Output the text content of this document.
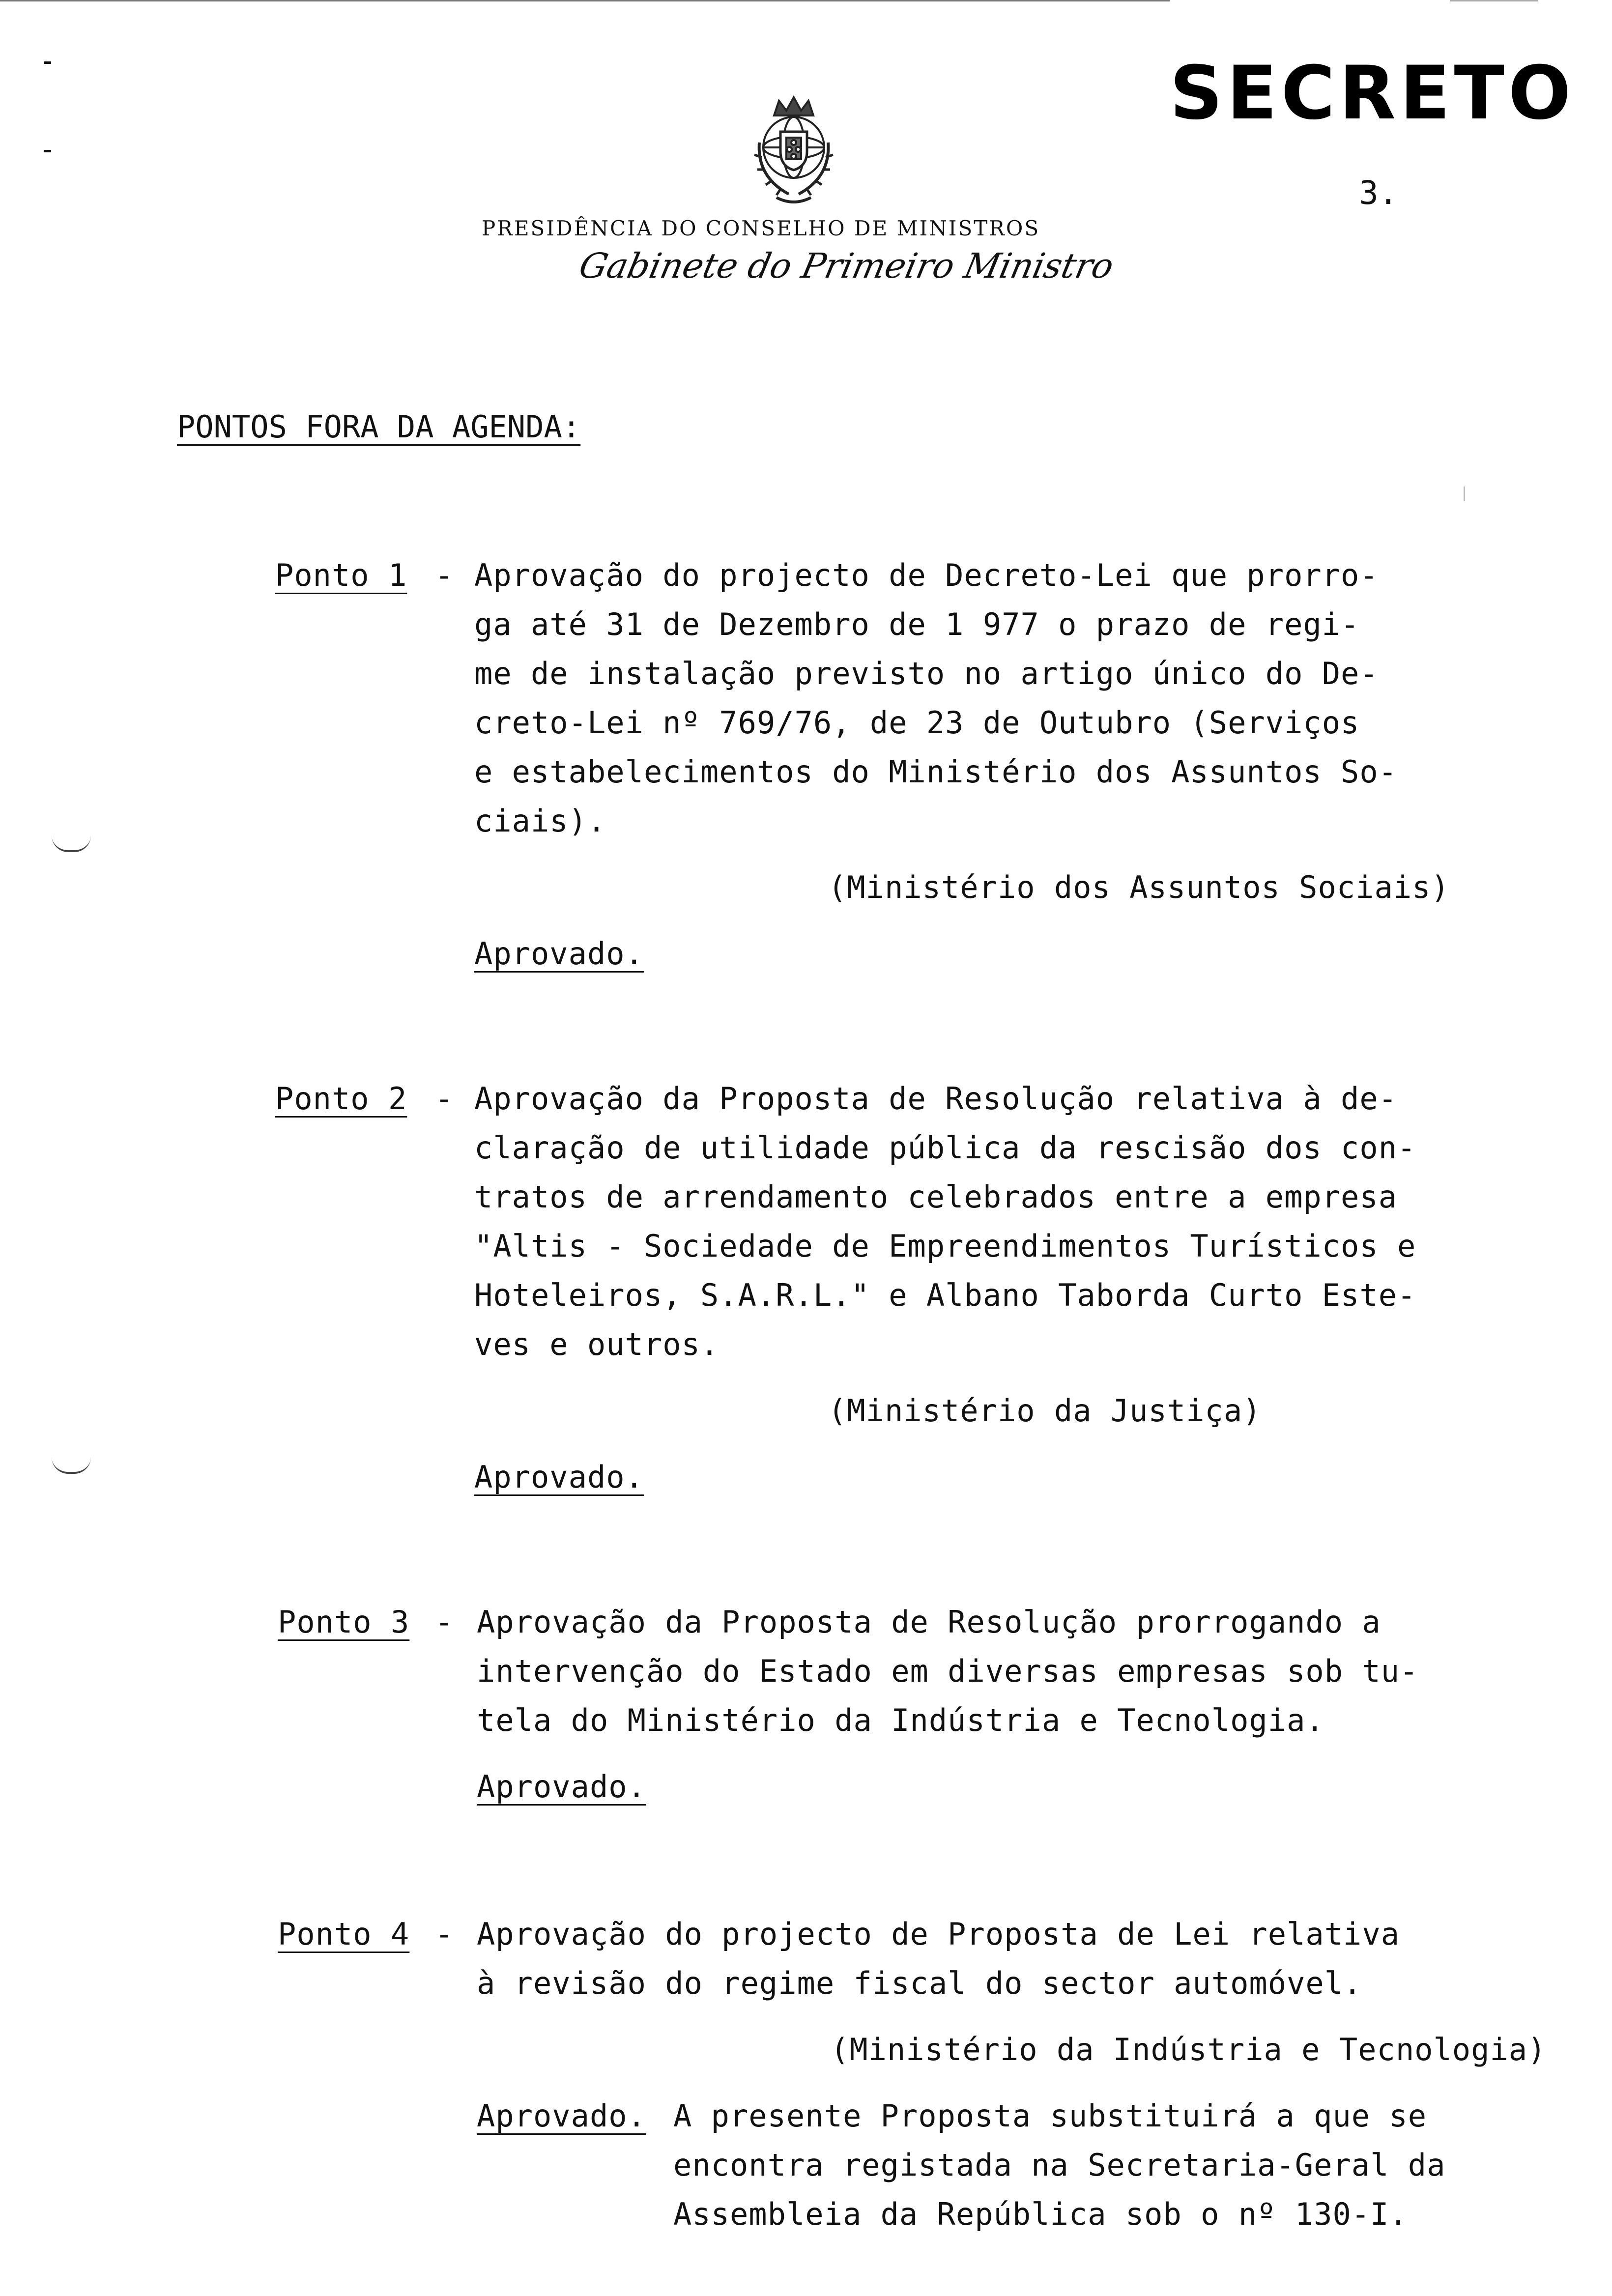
SECRETO
3.
PRESIDÊNCIA DO CONSELHO DE MINISTROS
Gabinete do Primeiro Ministro
PONTOS FORA DA AGENDA:
Ponto 1 - Aprovação do projecto de Decreto-Lei que prorro-
ga até 31 de Dezembro de 1 977 o prazo de regi-
me de instalação previsto no artigo único do De-
creto-Lei nº 769/76, de 23 de Outubro (Serviços
e estabelecimentos do Ministério dos Assuntos So-
ciais).
(Ministério dos Assuntos Sociais)
Aprovado.
Ponto 2 - Aprovação da Proposta de Resolução relativa à de-
claração de utilidade pública da rescisão dos con-
tratos de arrendamento celebrados entre a empresa
"Altis - Sociedade de Empreendimentos Turísticos e
Hoteleiros, S.A.R.L." e Albano Taborda Curto Este-
ves e outros.
(Ministério da Justiça)
Aprovado.
Ponto 3 - Aprovação da Proposta de Resolução prorrogando a
intervenção do Estado em diversas empresas sob tu-
tela do Ministério da Indústria e Tecnologia.
Aprovado.
Ponto 4 - Aprovação do projecto de Proposta de Lei relativa
à revisão do regime fiscal do sector automóvel.
(Ministério da Indústria e Tecnologia)
Aprovado. A presente Proposta substituirá a que se
encontra registada na Secretaria-Geral da
Assembleia da República sob o nº 130-I.
